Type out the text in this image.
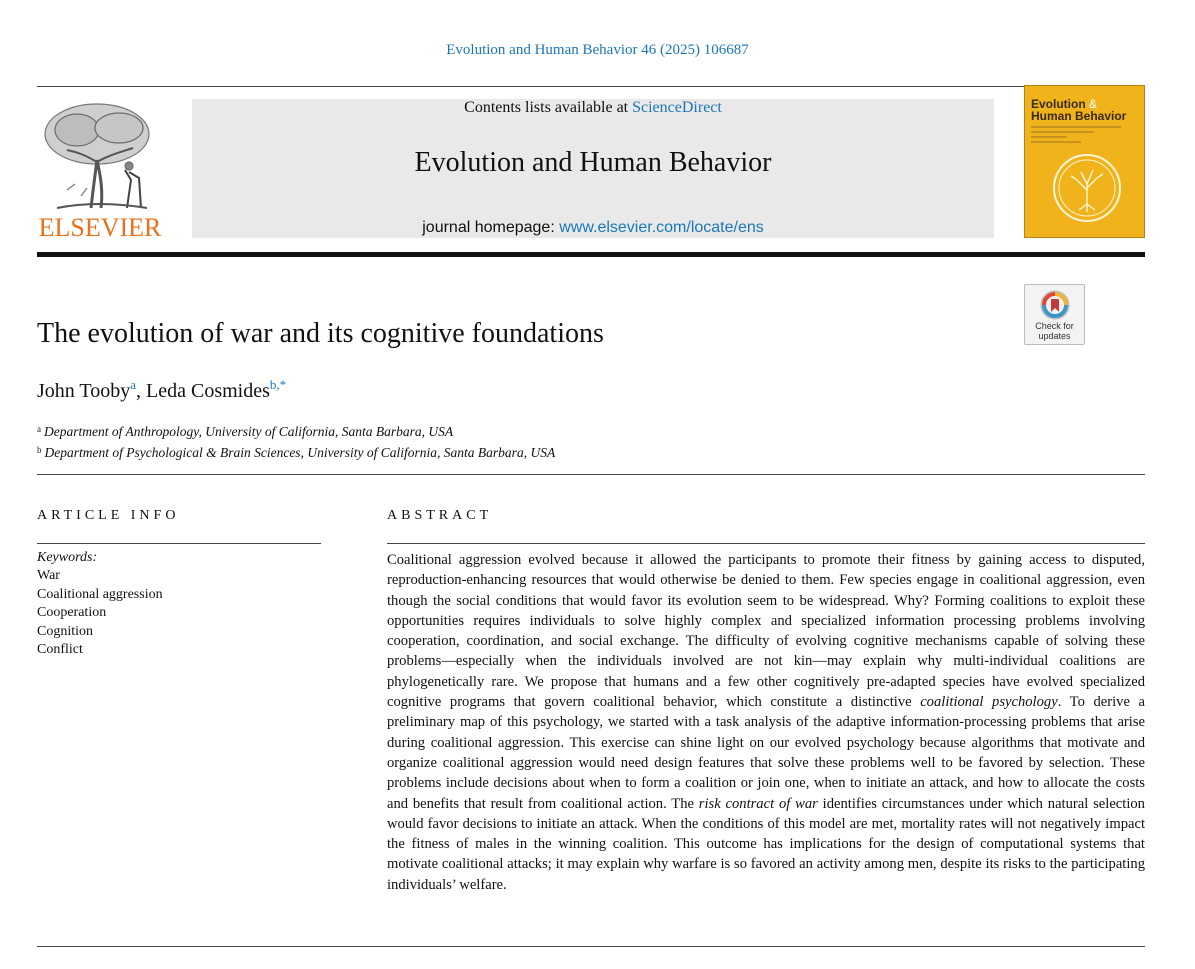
Evolution and Human Behavior 46 (2025) 106687
ELSEVIER
Contents lists available at ScienceDirect
Evolution and Human Behavior
journal homepage: www.elsevier.com/locate/ens
Evolution &
Human Behavior
Check for
updates
The evolution of war and its cognitive foundations
John Tooby$^a$, Leda Cosmides$^{b,*}$
$^a$ Department of Anthropology, University of California, Santa Barbara, USA
$^b$ Department of Psychological & Brain Sciences, University of California, Santa Barbara, USA
ARTICLE INFO	ABSTRACT
Keywords:
War
Coalitional aggression
Cooperation
Cognition
Conflict
Coalitional aggression evolved because it allowed the participants to promote their fitness by gaining access to disputed, reproduction-enhancing resources that would otherwise be denied to them. Few species engage in coalitional aggression, even though the social conditions that would favor its evolution seem to be widespread. Why? Forming coalitions to exploit these opportunities requires individuals to solve highly complex and specialized information processing problems involving cooperation, coordination, and social exchange. The difficulty of evolving cognitive mechanisms capable of solving these problems—especially when the individuals involved are not kin—may explain why multi-individual coalitions are phylogenetically rare. We propose that humans and a few other cognitively pre-adapted species have evolved specialized cognitive programs that govern coalitional behavior, which constitute a distinctive coalitional psychology. To derive a preliminary map of this psychology, we started with a task analysis of the adaptive information-processing problems that arise during coalitional aggression. This exercise can shine light on our evolved psychology because algorithms that motivate and organize coalitional aggression would need design features that solve these problems well to be favored by selection. These problems include decisions about when to form a coalition or join one, when to initiate an attack, and how to allocate the costs and benefits that result from coalitional action. The risk contract of war identifies circumstances under which natural selection would favor decisions to initiate an attack. When the conditions of this model are met, mortality rates will not negatively impact the fitness of males in the winning coalition. This outcome has implications for the design of computational systems that motivate coalitional attacks; it may explain why warfare is so favored an activity among men, despite its risks to the participating individuals’ welfare.
